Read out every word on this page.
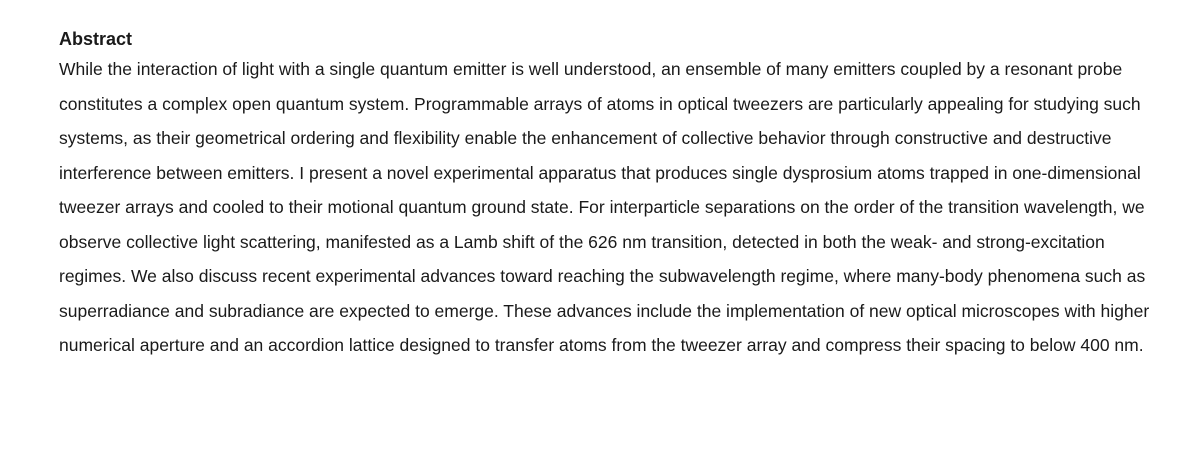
Abstract

While the interaction of light with a single quantum emitter is well understood, an ensemble of many emitters coupled by a resonant probe constitutes a complex open quantum system. Programmable arrays of atoms in optical tweezers are particularly appealing for studying such systems, as their geometrical ordering and flexibility enable the enhancement of collective behavior through constructive and destructive interference between emitters. I present a novel experimental apparatus that produces single dysprosium atoms trapped in one-dimensional tweezer arrays and cooled to their motional quantum ground state. For interparticle separations on the order of the transition wavelength, we observe collective light scattering, manifested as a Lamb shift of the 626 nm transition, detected in both the weak- and strong-excitation regimes. We also discuss recent experimental advances toward reaching the subwavelength regime, where many-body phenomena such as superradiance and subradiance are expected to emerge. These advances include the implementation of new optical microscopes with higher numerical aperture and an accordion lattice designed to transfer atoms from the tweezer array and compress their spacing to below 400 nm.
